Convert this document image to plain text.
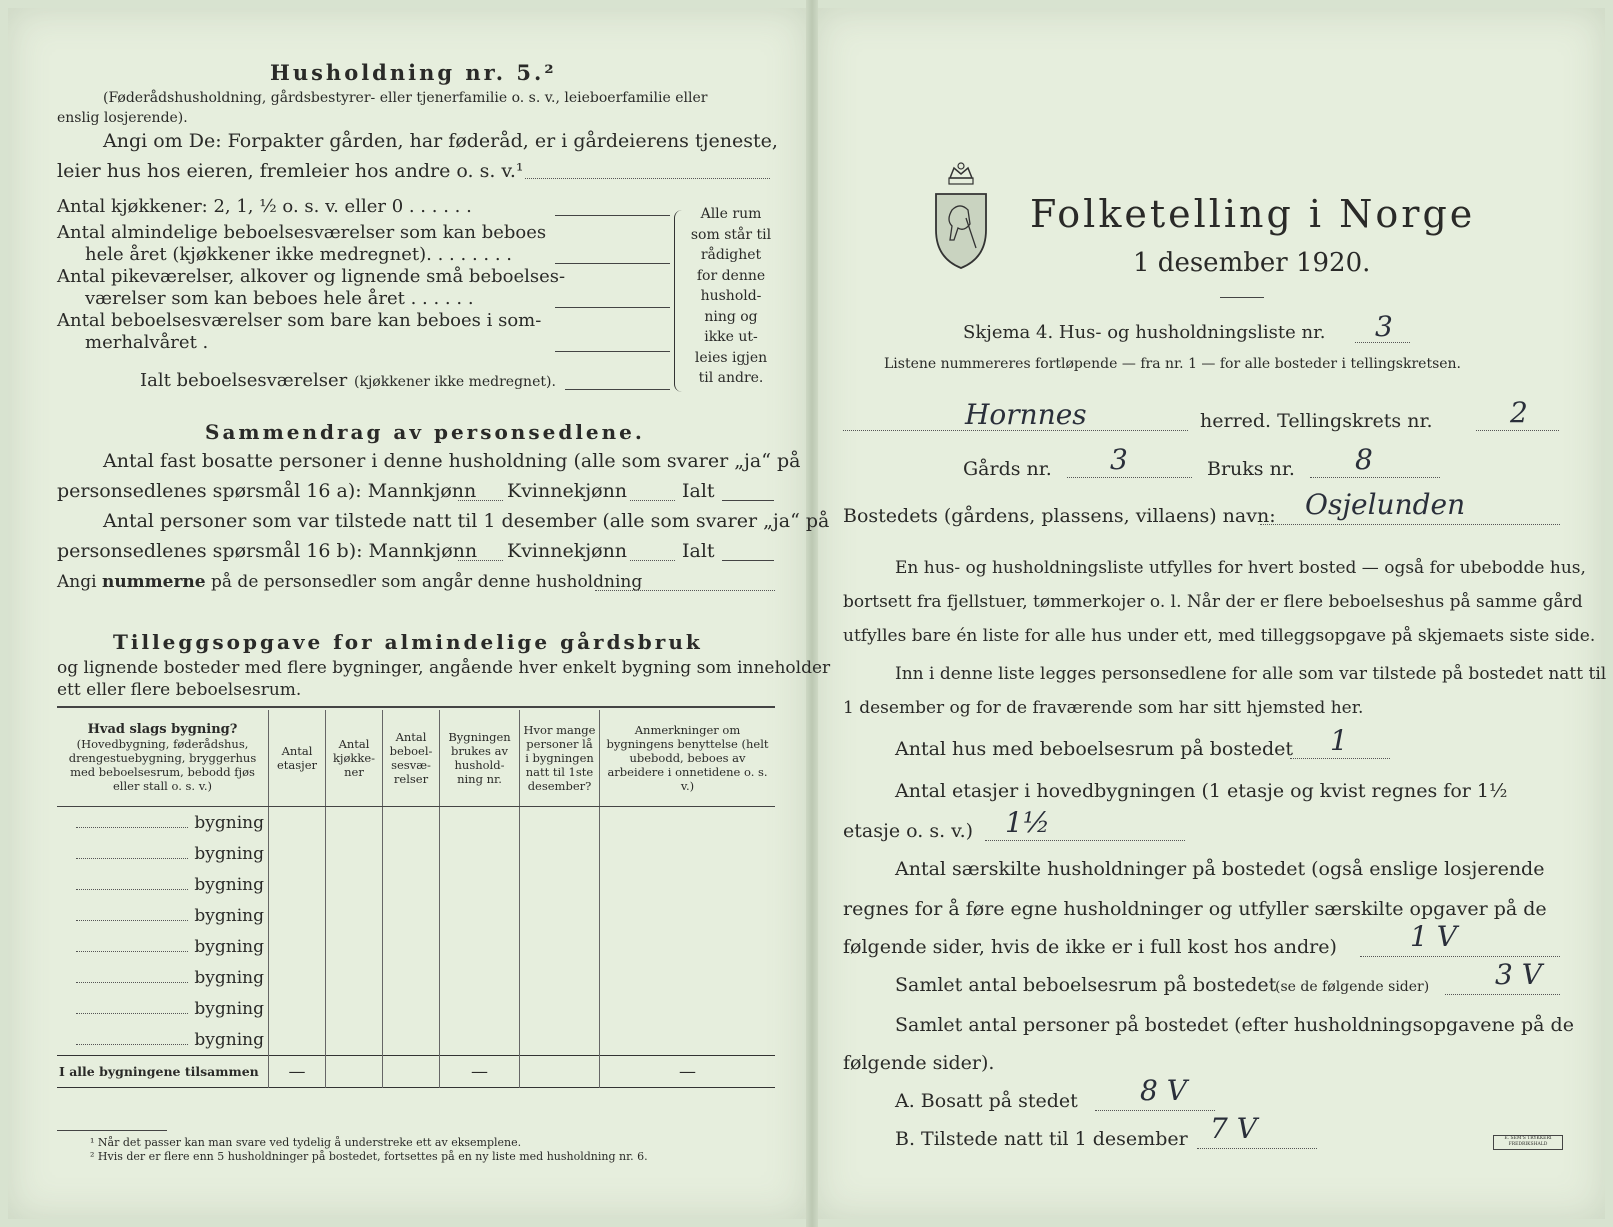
Husholdning nr. 5.²
(Føderådshusholdning, gårdsbestyrer- eller tjenerfamilie o. s. v., leieboerfamilie eller
enslig losjerende).
Angi om De: Forpakter gården, har føderåd, er i gårdeierens tjeneste,
leier hus hos eieren, fremleier hos andre o. s. v.¹
Antal kjøkkener: 2, 1, ½ o. s. v. eller 0 . . . . . .
Antal almindelige beboelsesværelser som kan beboes
hele året (kjøkkener ikke medregnet). . . . . . . .
Antal pikeværelser, alkover og lignende små beboelses-
værelser som kan beboes hele året . . . . . .
Antal beboelsesværelser som bare kan beboes i som-
merhalvåret .
Ialt beboelsesværelser (kjøkkener ikke medregnet).
Alle rum
som står til
rådighet
for denne
hushold-
ning og
ikke ut-
leies igjen
til andre.
Sammendrag av personsedlene.
Antal fast bosatte personer i denne husholdning (alle som svarer „ja“ på
personsedlenes spørsmål 16 a): Mannkjønn Kvinnekjønn	Ialt
Antal personer som var tilstede natt til 1 desember (alle som svarer „ja“ på
personsedlenes spørsmål 16 b): Mannkjønn Kvinnekjønn	Ialt
Angi nummerne på de personsedler som angår denne husholdning
Tilleggsopgave for almindelige gårdsbruk
og lignende bosteder med flere bygninger, angående hver enkelt bygning som inneholder
ett eller flere beboelsesrum.
Hvad slags bygning?
(Hovedbygning, føderådshus, drengestuebygning, bryggerhus med beboelsesrum, bebodd fjøs eller stall o. s. v.)	Antal etasjer	Antal kjøkke-ner	Antal beboel-sesvæ-relser	Bygningen brukes av hushold-ning nr.	Hvor mange personer lå i bygningen natt til 1ste desember?	Anmerkninger om bygningens benyttelse (helt ubebodd, beboes av arbeidere i onnetidene o. s. v.)
bygning						
bygning						
bygning						
bygning						
bygning						
bygning						
bygning						
bygning						
I alle bygningene tilsammen	—			—		—
¹ Når det passer kan man svare ved tydelig å understreke ett av eksemplene.
² Hvis der er flere enn 5 husholdninger på bostedet, fortsettes på en ny liste med husholdning nr. 6.
Folketelling i Norge
1 desember 1920.
Skjema 4. Hus- og husholdningsliste nr. 3
Listene nummereres fortløpende — fra nr. 1 — for alle bosteder i tellingskretsen.
Hornnes	herred. Tellingskrets nr.	2
Gårds nr. 3	Bruks nr. 8
Bostedets (gårdens, plassens, villaens) navn: Osjelunden
En hus- og husholdningsliste utfylles for hvert bosted — også for ubebodde hus,
bortsett fra fjellstuer, tømmerkojer o. l. Når der er flere beboelseshus på samme gård
utfylles bare én liste for alle hus under ett, med tilleggsopgave på skjemaets siste side.
Inn i denne liste legges personsedlene for alle som var tilstede på bostedet natt til
1 desember og for de fraværende som har sitt hjemsted her.
Antal hus med beboelsesrum på bostedet 1
Antal etasjer i hovedbygningen (1 etasje og kvist regnes for 1½
etasje o. s. v.) 1½
Antal særskilte husholdninger på bostedet (også enslige losjerende
regnes for å føre egne husholdninger og utfyller særskilte opgaver på de
følgende sider, hvis de ikke er i full kost hos andre)	1 V
Samlet antal beboelsesrum på bostedet
(se de følgende sider) 3 V
Samlet antal personer på bostedet (efter husholdningsopgavene på de
følgende sider).
A. Bosatt på stedet 8 V
B. Tilstede natt til 1 desember 7 V	E. SEM'S TRYKKERI FREDRIKSHALD
